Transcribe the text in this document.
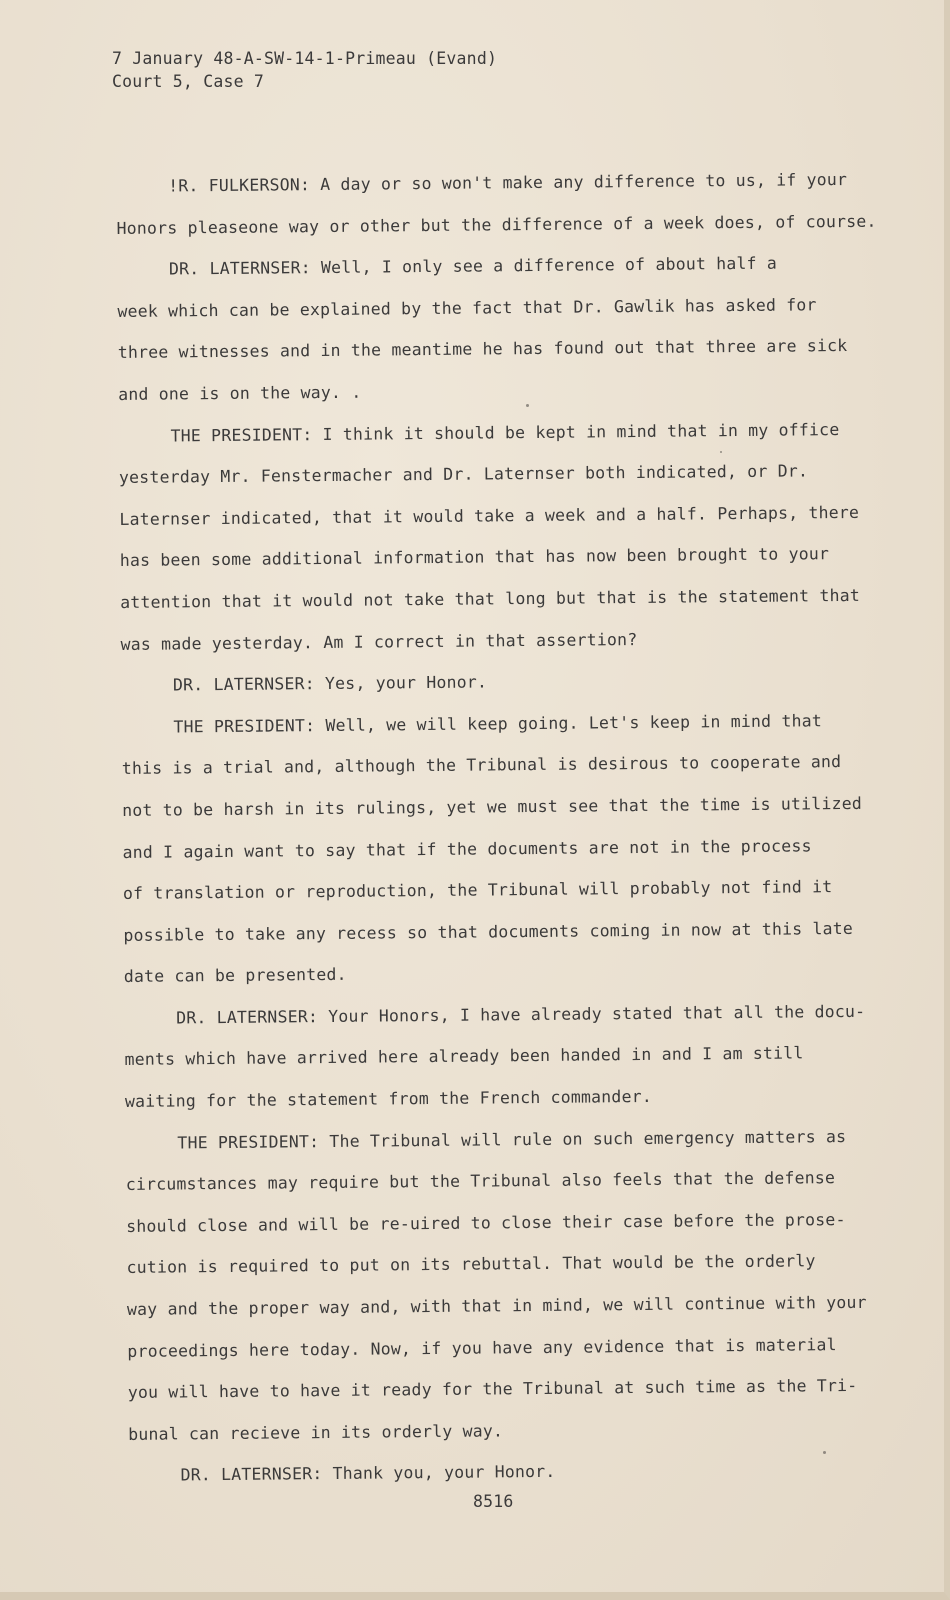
7 January 48-A-SW-14-1-Primeau (Evand)
Court 5, Case 7
!R. FULKERSON: A day or so won't make any difference to us, if your
Honors pleaseone way or other but the difference of a week does, of course.
DR. LATERNSER: Well, I only see a difference of about half a
week which can be explained by the fact that Dr. Gawlik has asked for
three witnesses and in the meantime he has found out that three are sick
and one is on the way. .
THE PRESIDENT: I think it should be kept in mind that in my office
yesterday Mr. Fenstermacher and Dr. Laternser both indicated, or Dr.
Laternser indicated, that it would take a week and a half. Perhaps, there
has been some additional information that has now been brought to your
attention that it would not take that long but that is the statement that
was made yesterday. Am I correct in that assertion?
DR. LATERNSER: Yes, your Honor.
THE PRESIDENT: Well, we will keep going. Let's keep in mind that
this is a trial and, although the Tribunal is desirous to cooperate and
not to be harsh in its rulings, yet we must see that the time is utilized
and I again want to say that if the documents are not in the process
of translation or reproduction, the Tribunal will probably not find it
possible to take any recess so that documents coming in now at this late
date can be presented.
DR. LATERNSER: Your Honors, I have already stated that all the docu-
ments which have arrived here already been handed in and I am still
waiting for the statement from the French commander.
THE PRESIDENT: The Tribunal will rule on such emergency matters as
circumstances may require but the Tribunal also feels that the defense
should close and will be re-uired to close their case before the prose-
cution is required to put on its rebuttal. That would be the orderly
way and the proper way and, with that in mind, we will continue with your
proceedings here today. Now, if you have any evidence that is material
you will have to have it ready for the Tribunal at such time as the Tri-
bunal can recieve in its orderly way.
DR. LATERNSER: Thank you, your Honor.
8516
